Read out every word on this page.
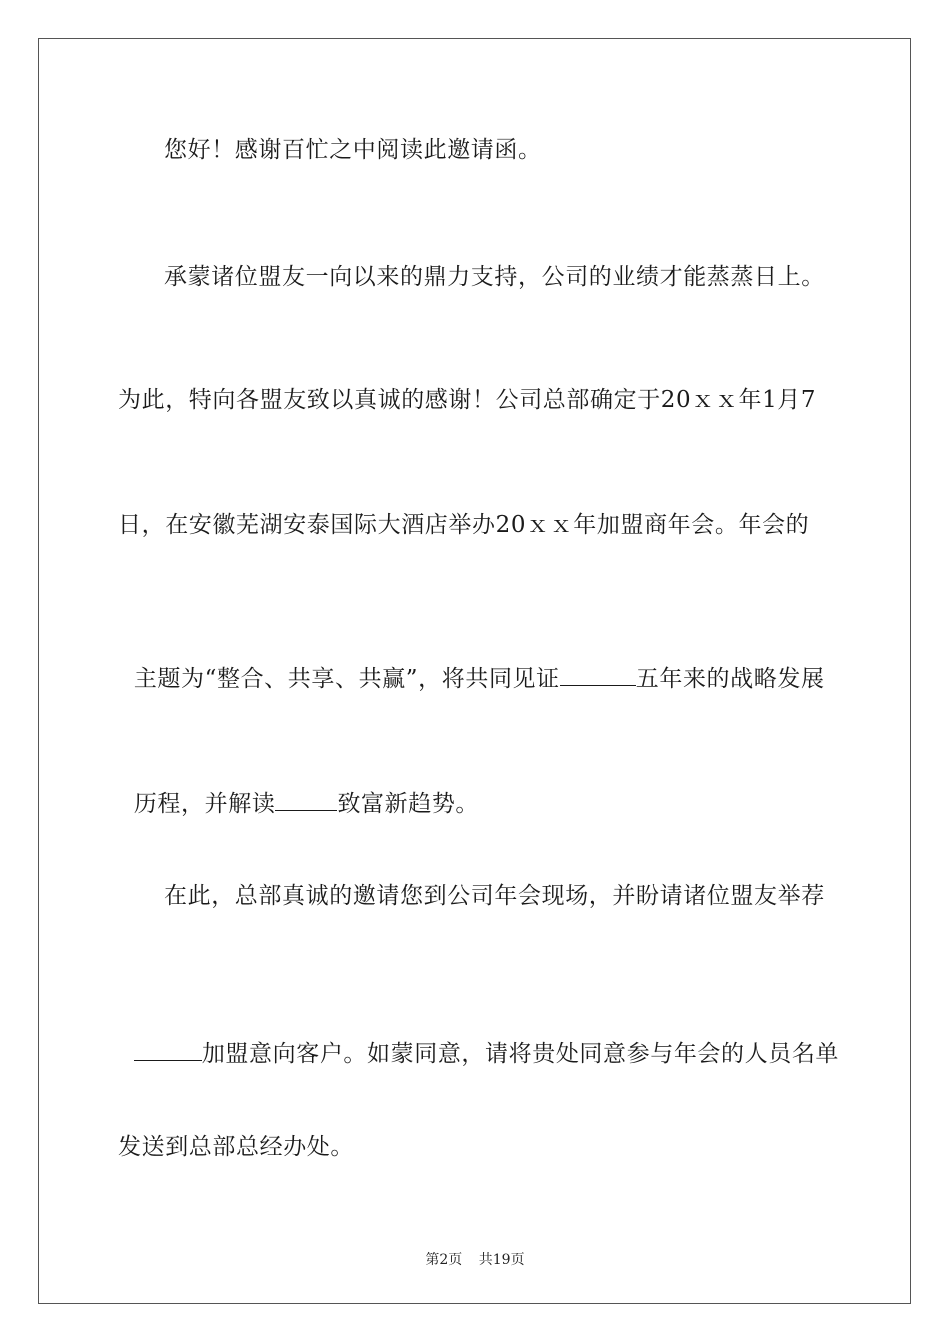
您好！感谢百忙之中阅读此邀请函。
承蒙诸位盟友一向以来的鼎力支持，公司的业绩才能蒸蒸日上。
为此，特向各盟友致以真诚的感谢！公司总部确定于20ｘｘ年1月7
日，在安徽芜湖安泰国际大酒店举办20ｘｘ年加盟商年会。年会的

主题为“整合、共享、共赢”，将共同见证	五年来的战略发展

历程，并解读	致富新趋势。

在此，总部真诚的邀请您到公司年会现场，并盼请诸位盟友举荐

加盟意向客户。如蒙同意，请将贵处同意参与年会的人员名单

发送到总部总经办处。
第2页 共19页
